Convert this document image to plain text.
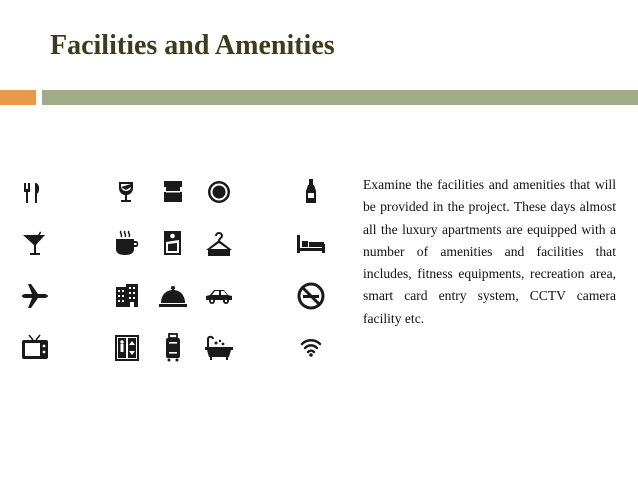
Facilities and Amenities

Examine the facilities and amenities that will be provided in the project. These days almost all the luxury apartments are equipped with a number of amenities and facilities that includes, fitness equipments, recreation area, smart card entry system, CCTV camera facility etc.
